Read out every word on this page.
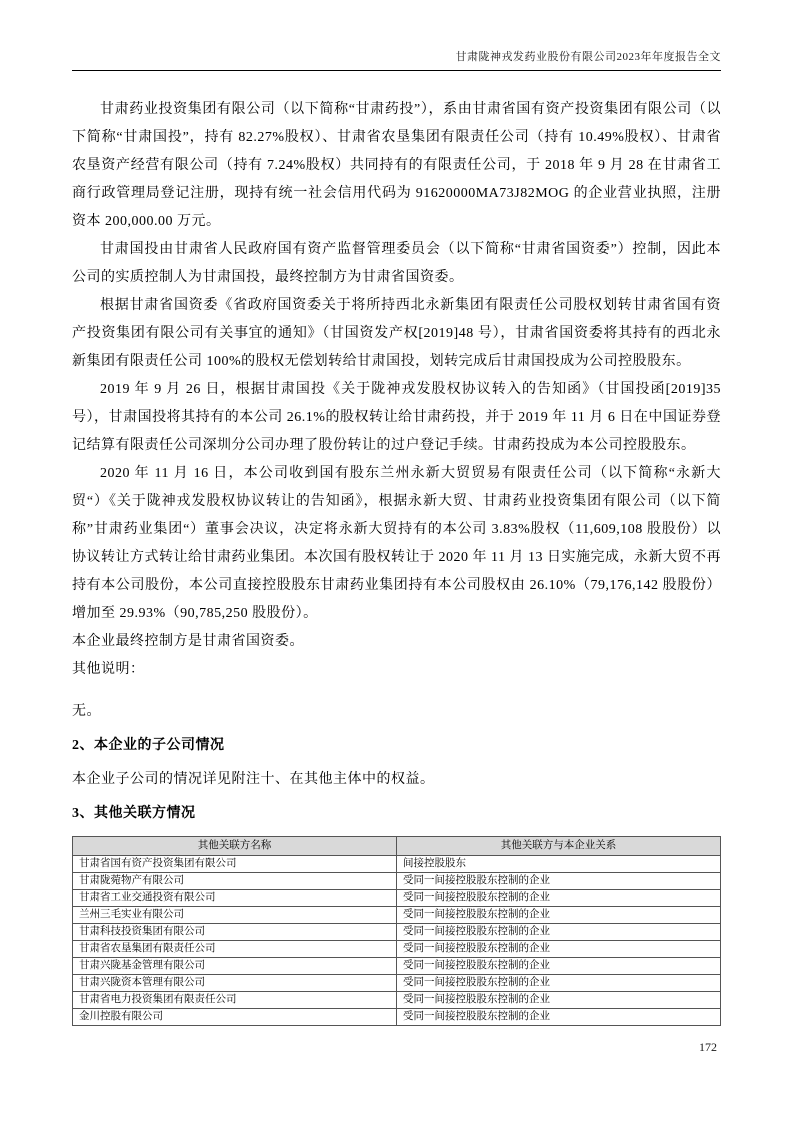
甘肃陇神戎发药业股份有限公司2023年年度报告全文

甘肃药业投资集团有限公司（以下简称“甘肃药投”），系由甘肃省国有资产投资集团有限公司（以下简称“甘肃国投”，持有 82.27%股权）、甘肃省农垦集团有限责任公司（持有 10.49%股权）、甘肃省农垦资产经营有限公司（持有 7.24%股权）共同持有的有限责任公司，于 2018 年 9 月 28 在甘肃省工商行政管理局登记注册，现持有统一社会信用代码为 91620000MA73J82MOG 的企业营业执照，注册资本 200,000.00 万元。

甘肃国投由甘肃省人民政府国有资产监督管理委员会（以下简称“甘肃省国资委”）控制，因此本公司的实质控制人为甘肃国投，最终控制方为甘肃省国资委。

根据甘肃省国资委《省政府国资委关于将所持西北永新集团有限责任公司股权划转甘肃省国有资产投资集团有限公司有关事宜的通知》（甘国资发产权[2019]48 号），甘肃省国资委将其持有的西北永新集团有限责任公司 100%的股权无偿划转给甘肃国投，划转完成后甘肃国投成为公司控股股东。

2019 年 9 月 26 日，根据甘肃国投《关于陇神戎发股权协议转入的告知函》（甘国投函[2019]35 号），甘肃国投将其持有的本公司 26.1%的股权转让给甘肃药投，并于 2019 年 11 月 6 日在中国证券登记结算有限责任公司深圳分公司办理了股份转让的过户登记手续。甘肃药投成为本公司控股股东。

2020 年 11 月 16 日，本公司收到国有股东兰州永新大贸贸易有限责任公司（以下简称“永新大贸“）《关于陇神戎发股权协议转让的告知函》，根据永新大贸、甘肃药业投资集团有限公司（以下简称”甘肃药业集团“）董事会决议，决定将永新大贸持有的本公司 3.83%股权（11,609,108 股股份）以协议转让方式转让给甘肃药业集团。本次国有股权转让于 2020 年 11 月 13 日实施完成，永新大贸不再持有本公司股份，本公司直接控股股东甘肃药业集团持有本公司股权由 26.10%（79,176,142 股股份）增加至 29.93%（90,785,250 股股份）。

本企业最终控制方是甘肃省国资委。

其他说明：

无。

2、本企业的子公司情况

本企业子公司的情况详见附注十、在其他主体中的权益。

3、其他关联方情况
其他关联方名称	其他关联方与本企业关系
甘肃省国有资产投资集团有限公司	间接控股股东
甘肃陇菀物产有限公司	受同一间接控股股东控制的企业
甘肃省工业交通投资有限公司	受同一间接控股股东控制的企业
兰州三毛实业有限公司	受同一间接控股股东控制的企业
甘肃科技投资集团有限公司	受同一间接控股股东控制的企业
甘肃省农垦集团有限责任公司	受同一间接控股股东控制的企业
甘肃兴陇基金管理有限公司	受同一间接控股股东控制的企业
甘肃兴陇资本管理有限公司	受同一间接控股股东控制的企业
甘肃省电力投资集团有限责任公司	受同一间接控股股东控制的企业
金川控股有限公司	受同一间接控股股东控制的企业
172
